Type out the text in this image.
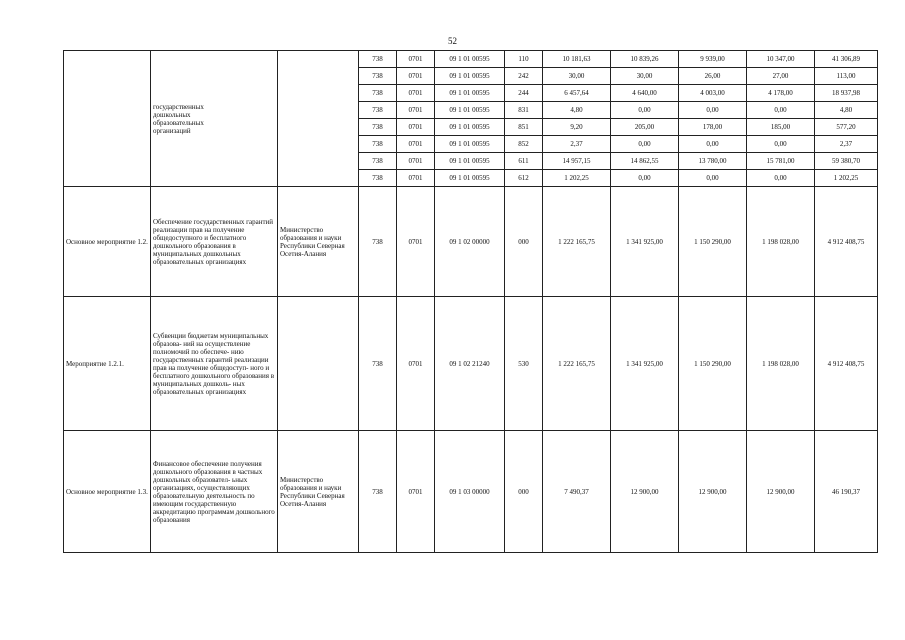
52
	государственных
дошкольных
образовательных
организаций		738	0701	09 1 01 00595	110	10 181,63	10 839,26	9 939,00	10 347,00	41 306,89
			738	0701	09 1 01 00595	242	30,00	30,00	26,00	27,00	113,00
			738	0701	09 1 01 00595	244	6 457,64	4 640,00	4 003,00	4 178,00	18 937,98
			738	0701	09 1 01 00595	831	4,80	0,00	0,00	0,00	4,80
			738	0701	09 1 01 00595	851	9,20	205,00	178,00	185,00	577,20
			738	0701	09 1 01 00595	852	2,37	0,00	0,00	0,00	2,37
			738	0701	09 1 01 00595	611	14 957,15	14 862,55	13 780,00	15 781,00	59 380,70
			738	0701	09 1 01 00595	612	1 202,25	0,00	0,00	0,00	1 202,25
Основное мероприятие 1.2.	Обеспечение государственных гарантий реализации прав на получение общедоступного и бесплатного дошкольного образования в муниципальных дошкольных образовательных организациях	Министерство образования и науки Республики Северная Осетия-Алания	738	0701	09 1 02 00000	000	1 222 165,75	1 341 925,00	1 150 290,00	1 198 028,00	4 912 408,75
Мероприятие 1.2.1.	Субвенции бюджетам муниципальных образова- ний на осуществление полномочий по обеспече- нию государственных гарантий реализации прав на получение общедоступ- ного и бесплатного дошкольного образования в муниципальных дошколь- ных образовательных организациях		738	0701	09 1 02 21240	530	1 222 165,75	1 341 925,00	1 150 290,00	1 198 028,00	4 912 408,75
Основное мероприятие 1.3.	Финансовое обеспечение получения дошкольного образования в частных дошкольных образоватeл- ьных организациях, осуществляющих образовательную деятельность по имеющим государственную аккредитацию программам дошкольного образования	Министерство образования и науки Республики Северная Осетия-Алания	738	0701	09 1 03 00000	000	7 490,37	12 900,00	12 900,00	12 900,00	46 190,37
